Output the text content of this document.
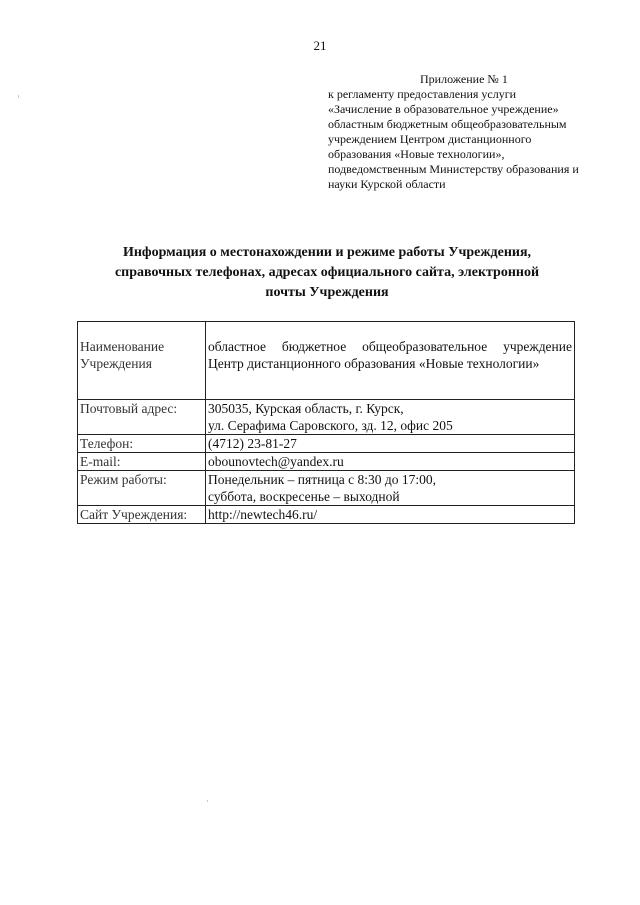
21
Приложение № 1
к регламенту предоставления услуги
«Зачисление в образовательное учреждение»
областным бюджетным общеобразовательным
учреждением Центром дистанционного
образования «Новые технологии»,
подведомственным Министерству образования и
науки Курской области
Информация о местонахождении и режиме работы Учреждения,
справочных телефонах, адресах официального сайта, электронной
почты Учреждения
Наименование Учреждения	областное бюджетное общеобразовательное учреждение Центр дистанционного образования «Новые технологии»
Почтовый адрес:	305035, Курская область, г. Курск,
ул. Серафима Саровского, зд. 12, офис 205

Телефон:	(4712) 23-81-27
E-mail:	obounovtech@yandex.ru
Режим работы:	Понедельник – пятница с 8:30 до 17:00,
суббота, воскресенье – выходной

Сайт Учреждения:	http://newtech46.ru/
